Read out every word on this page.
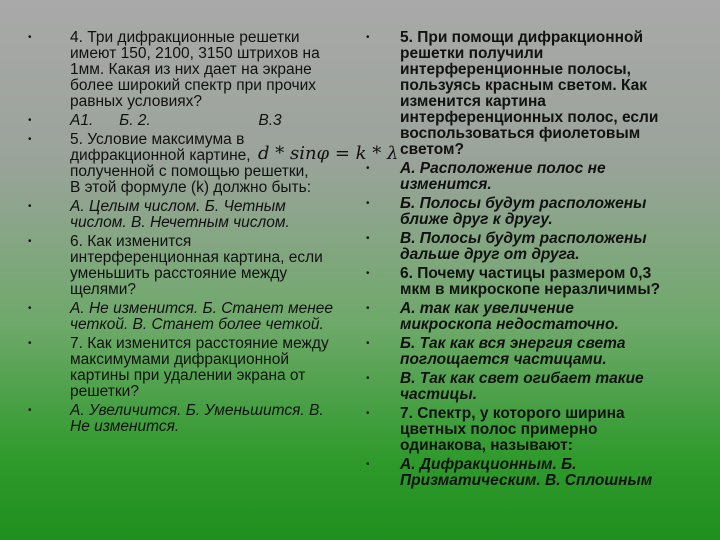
• 4. Три дифракционные решетки
имеют 150, 2100, 3150 штрихов на
1мм. Какая из них дает на экране
более широкий спектр при прочих
равных условиях?
• А1.      Б. 2.                         В.3
• 5. Условие максимума в
дифракционной картине,
полученной с помощью решетки,
В этой формуле (k) должно быть:
• А. Целым числом. Б. Четным
числом. В. Нечетным числом.
• 6. Как изменится
интерференционная картина, если
уменьшить расстояние между
щелями?
• А. Не изменится. Б. Станет менее
четкой. В. Станет более четкой.
• 7. Как изменится расстояние между
максимумами дифракционной
картины при удалении экрана от
решетки?
• А. Увеличится. Б. Уменьшится. В.
Не изменится.
d * sinφ = k * λ
• 5. При помощи дифракционной
решетки получили
интерференционные полосы,
пользуясь красным светом. Как
изменится картина
интерференционных полос, если
воспользоваться фиолетовым
светом?
• А. Расположение полос не
изменится.
• Б. Полосы будут расположены
ближе друг к другу.
• В. Полосы будут расположены
дальше друг от друга.
• 6. Почему частицы размером 0,3
мкм в микроскопе неразличимы?
• А. так как увеличение
микроскопа недостаточно.
• Б. Так как вся энергия света
поглощается частицами.
• В. Так как свет огибает такие
частицы.
• 7. Спектр, у которого ширина
цветных полос примерно
одинакова, называют:
• А. Дифракционным. Б.
Призматическим. В. Сплошным
